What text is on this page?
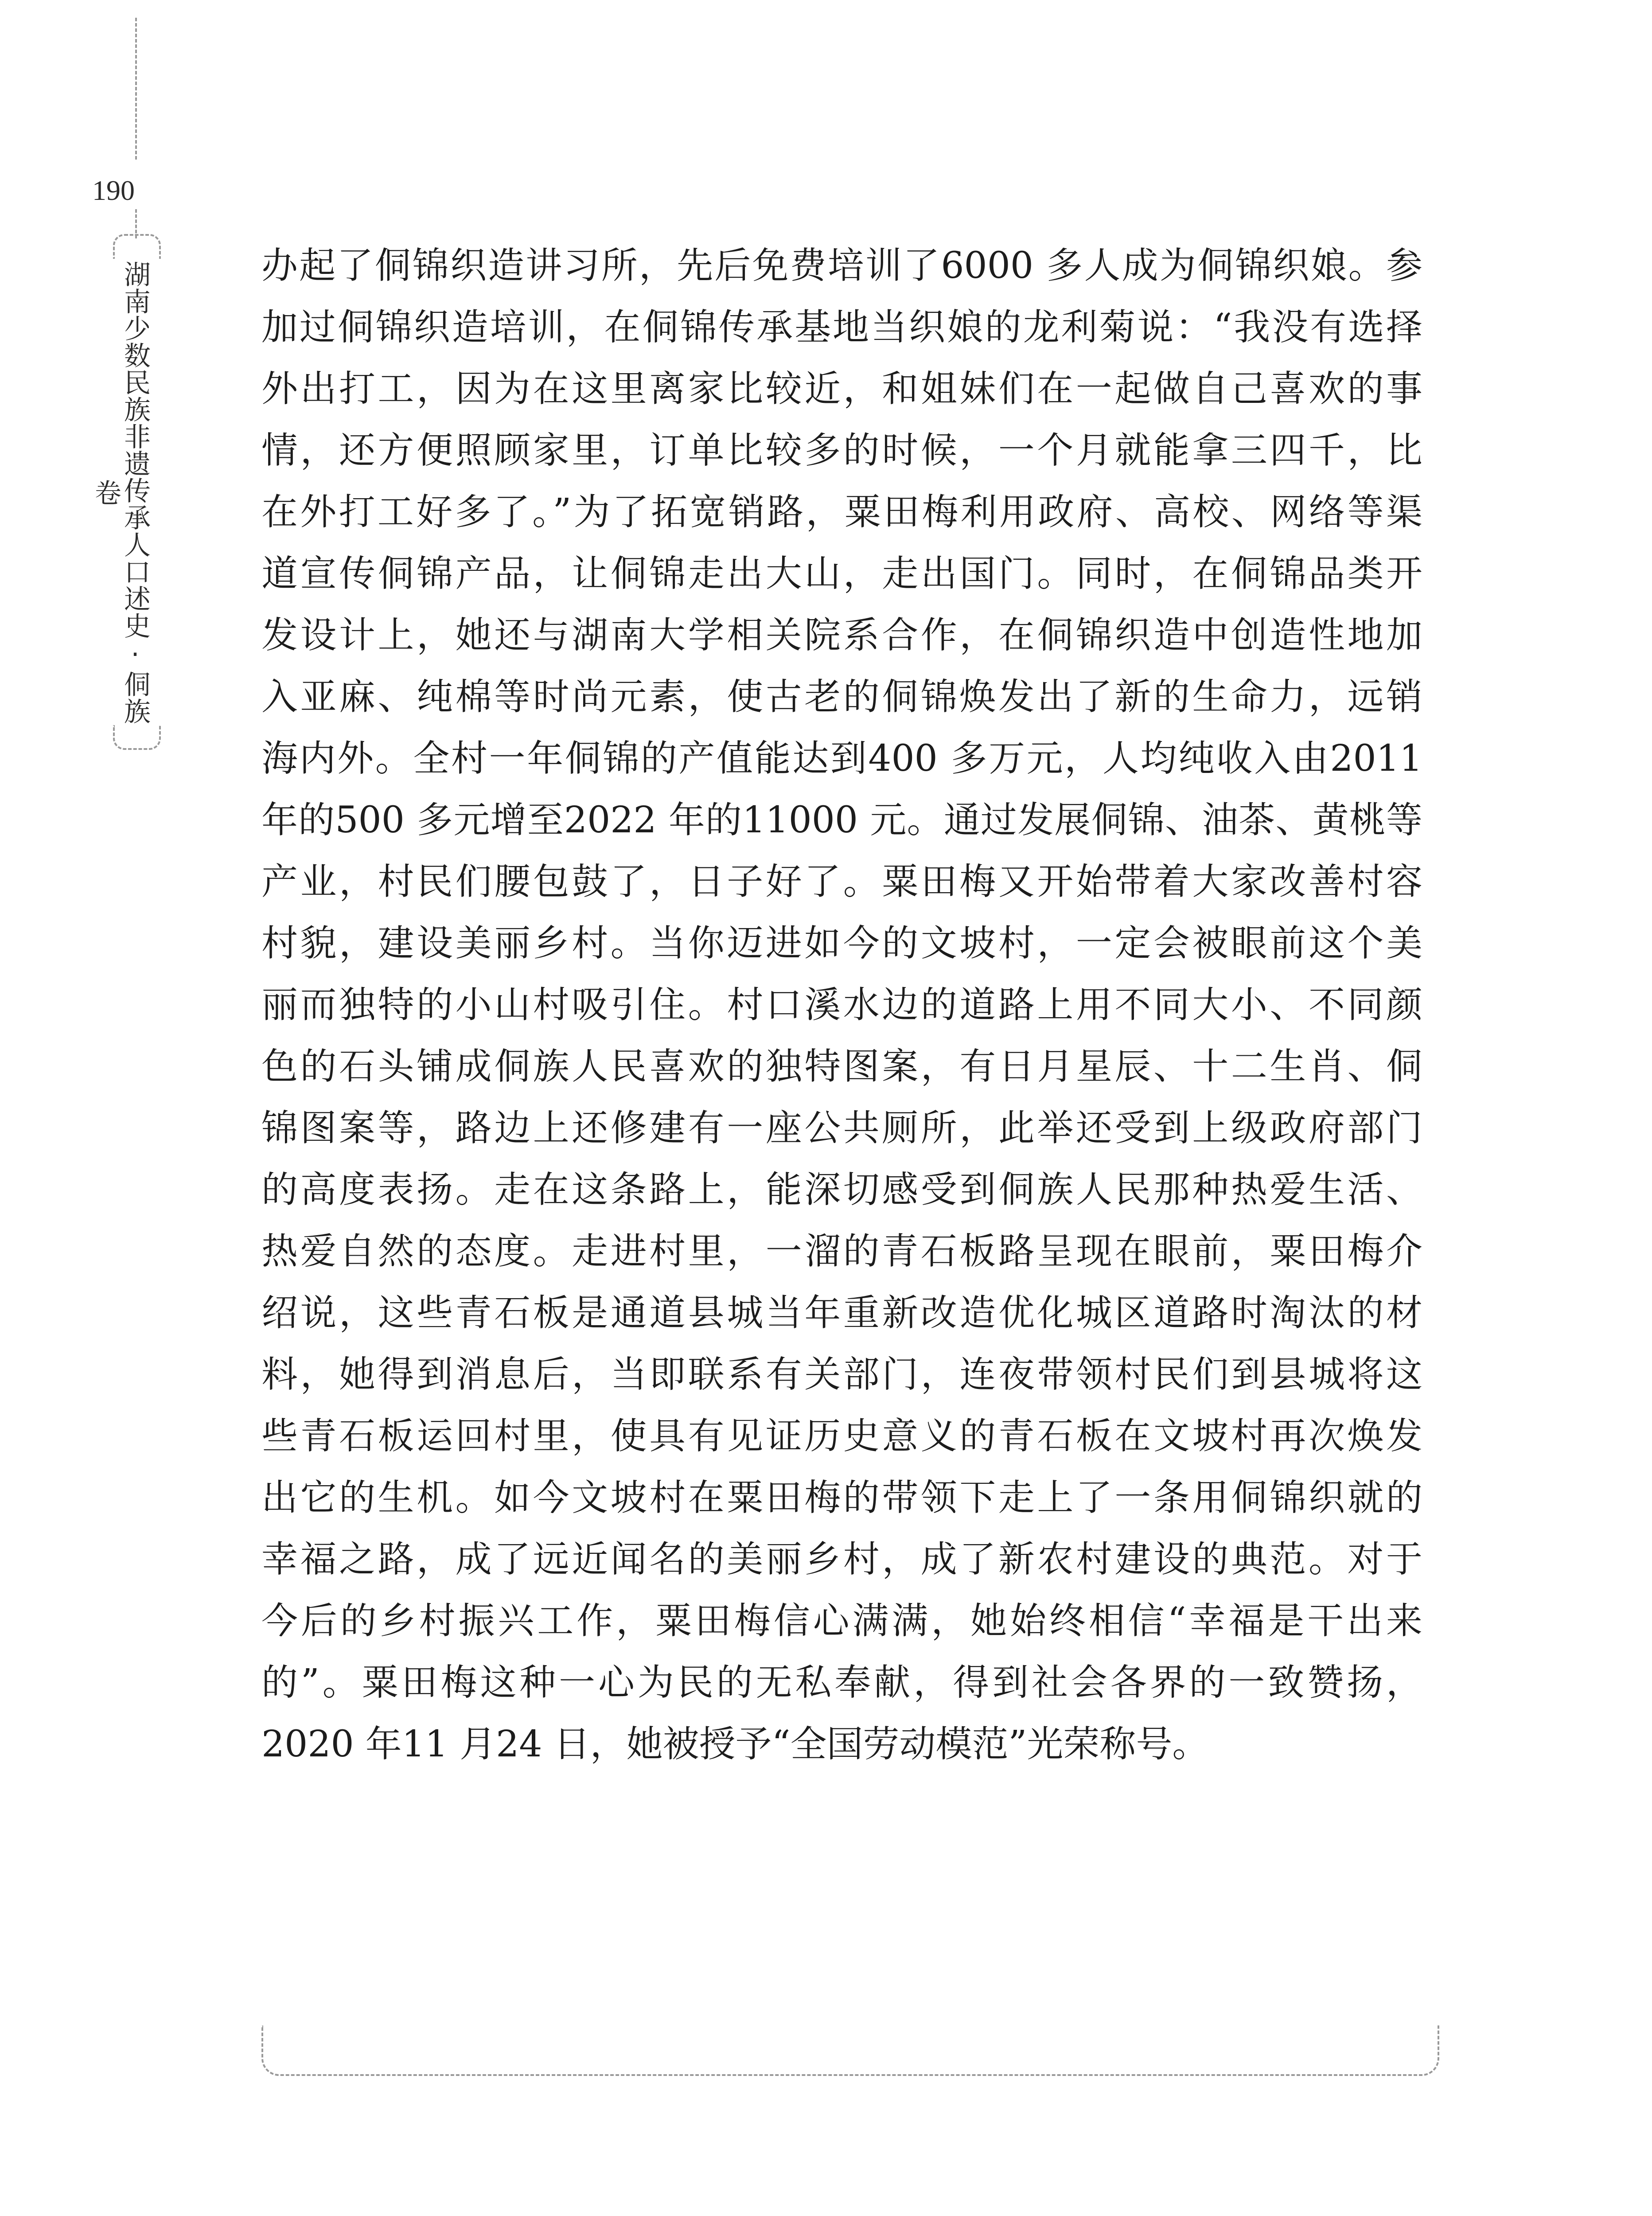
190
湖南少数民族非遗传承人口述史·侗族卷
办起了侗锦织造讲习所，先后免费培训了6000 多人成为侗锦织娘。参
加过侗锦织造培训，在侗锦传承基地当织娘的龙利菊说：“我没有选择
外出打工，因为在这里离家比较近，和姐妹们在一起做自己喜欢的事
情，还方便照顾家里，订单比较多的时候，一个月就能拿三四千，比
在外打工好多了。”为了拓宽销路，粟田梅利用政府、高校、网络等渠
道宣传侗锦产品，让侗锦走出大山，走出国门。同时，在侗锦品类开
发设计上，她还与湖南大学相关院系合作，在侗锦织造中创造性地加
入亚麻、纯棉等时尚元素，使古老的侗锦焕发出了新的生命力，远销
海内外。全村一年侗锦的产值能达到400 多万元，人均纯收入由2011
年的500 多元增至2022 年的11000 元。通过发展侗锦、油茶、黄桃等
产业，村民们腰包鼓了，日子好了。粟田梅又开始带着大家改善村容
村貌，建设美丽乡村。当你迈进如今的文坡村，一定会被眼前这个美
丽而独特的小山村吸引住。村口溪水边的道路上用不同大小、不同颜
色的石头铺成侗族人民喜欢的独特图案，有日月星辰、十二生肖、侗
锦图案等，路边上还修建有一座公共厕所，此举还受到上级政府部门
的高度表扬。走在这条路上，能深切感受到侗族人民那种热爱生活、
热爱自然的态度。走进村里，一溜的青石板路呈现在眼前，粟田梅介
绍说，这些青石板是通道县城当年重新改造优化城区道路时淘汰的材
料，她得到消息后，当即联系有关部门，连夜带领村民们到县城将这
些青石板运回村里，使具有见证历史意义的青石板在文坡村再次焕发
出它的生机。如今文坡村在粟田梅的带领下走上了一条用侗锦织就的
幸福之路，成了远近闻名的美丽乡村，成了新农村建设的典范。对于
今后的乡村振兴工作，粟田梅信心满满，她始终相信“幸福是干出来
的”。粟田梅这种一心为民的无私奉献，得到社会各界的一致赞扬，
2020 年11 月24 日，她被授予“全国劳动模范”光荣称号。
